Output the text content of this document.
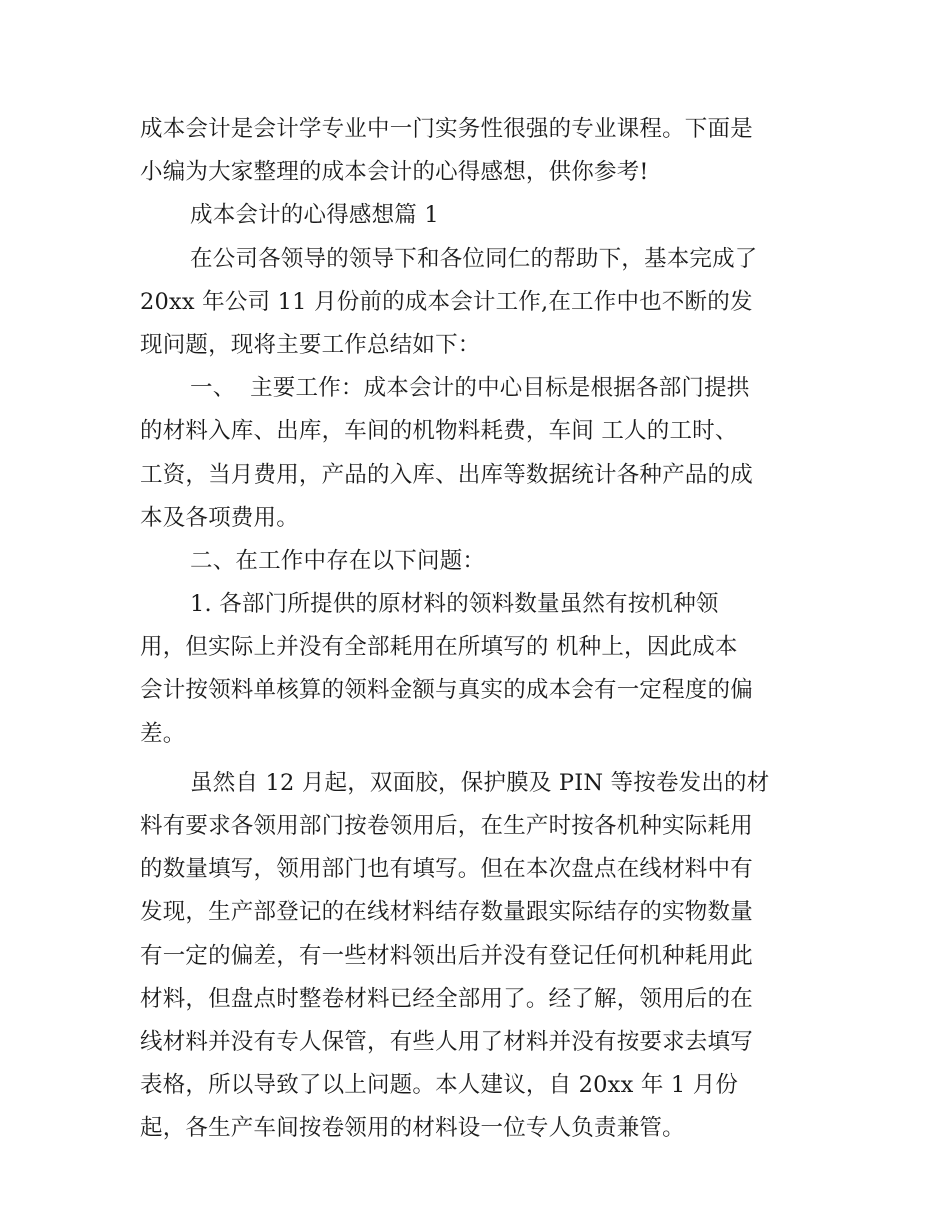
成本会计是会计学专业中一门实务性很强的专业课程。下面是
小编为大家整理的成本会计的心得感想，供你参考!
成本会计的心得感想篇 1
在公司各领导的领导下和各位同仁的帮助下，基本完成了
20xx 年公司 11 月份前的成本会计工作,在工作中也不断的发
现问题，现将主要工作总结如下：
一、  主要工作：成本会计的中心目标是根据各部门提拱
的材料入库、出库，车间的机物料耗费，车间 工人的工时、
工资，当月费用，产品的入库、出库等数据统计各种产品的成
本及各项费用。
二、在工作中存在以下问题：
1. 各部门所提供的原材料的领料数量虽然有按机种领
用，但实际上并没有全部耗用在所填写的 机种上，因此成本
会计按领料单核算的领料金额与真实的成本会有一定程度的偏
差。
虽然自 12 月起，双面胶，保护膜及 PIN 等按卷发出的材
料有要求各领用部门按卷领用后，在生产时按各机种实际耗用
的数量填写，领用部门也有填写。但在本次盘点在线材料中有
发现，生产部登记的在线材料结存数量跟实际结存的实物数量
有一定的偏差，有一些材料领出后并没有登记任何机种耗用此
材料，但盘点时整卷材料已经全部用了。经了解，领用后的在
线材料并没有专人保管，有些人用了材料并没有按要求去填写
表格，所以导致了以上问题。本人建议，自 20xx 年 1 月份
起，各生产车间按卷领用的材料设一位专人负责兼管。
